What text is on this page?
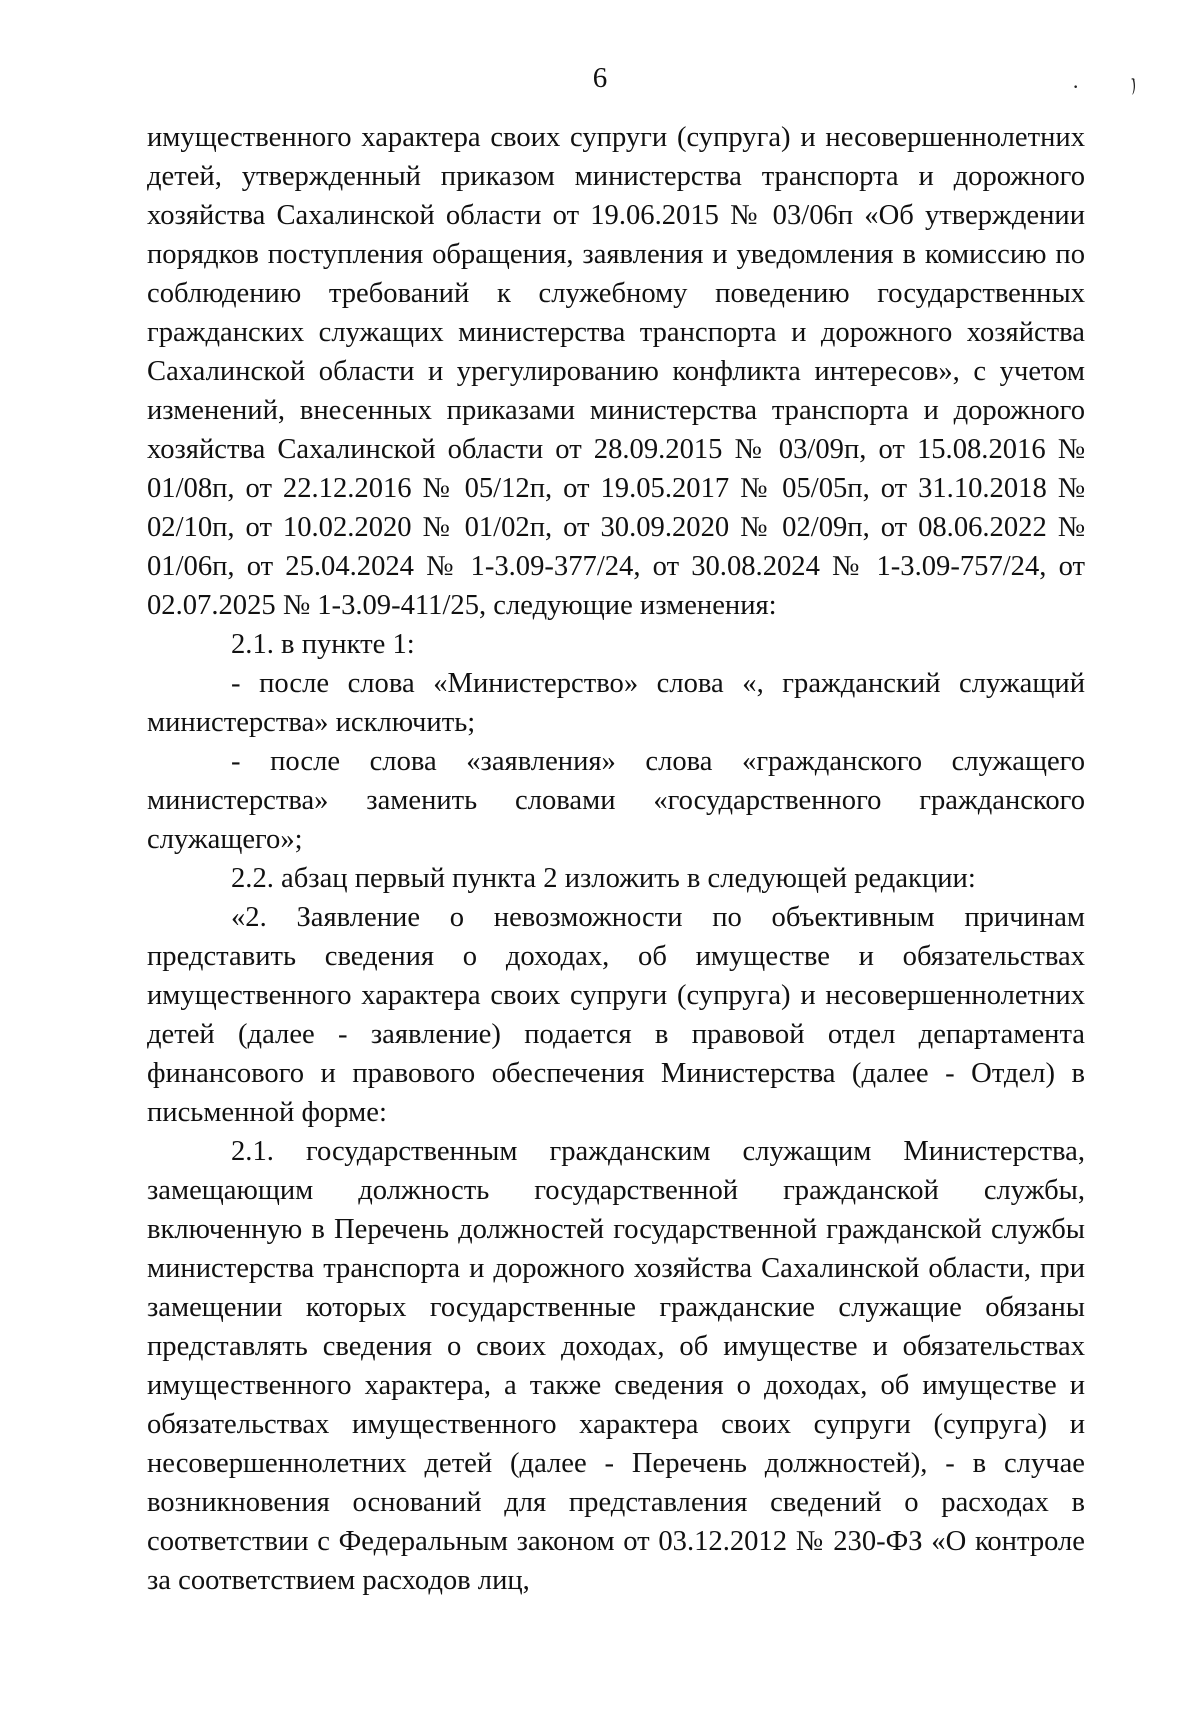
6	· ﾉ

имущественного характера своих супруги (супруга) и несовершеннолетних детей, утвержденный приказом министерства транспорта и дорожного хозяйства Сахалинской области от 19.06.2015 № 03/06п «Об утверждении порядков поступления обращения, заявления и уведомления в комиссию по соблюдению требований к служебному поведению государственных гражданских служащих министерства транспорта и дорожного хозяйства Сахалинской области и урегулированию конфликта интересов», с учетом изменений, внесенных приказами министерства транспорта и дорожного хозяйства Сахалинской области от 28.09.2015 № 03/09п, от 15.08.2016 № 01/08п, от 22.12.2016 № 05/12п, от 19.05.2017 № 05/05п, от 31.10.2018 № 02/10п, от 10.02.2020 № 01/02п, от 30.09.2020 № 02/09п, от 08.06.2022 № 01/06п, от 25.04.2024 № 1-3.09-377/24, от 30.08.2024 № 1-3.09-757/24, от 02.07.2025 № 1-3.09-411/25, следующие изменения:

2.1. в пункте 1:

- после слова «Министерство» слова «, гражданский служащий министерства» исключить;

- после слова «заявления» слова «гражданского служащего министерства» заменить словами «государственного гражданского служащего»;

2.2. абзац первый пункта 2 изложить в следующей редакции:

«2. Заявление о невозможности по объективным причинам представить сведения о доходах, об имуществе и обязательствах имущественного характера своих супруги (супруга) и несовершеннолетних детей (далее - заявление) подается в правовой отдел департамента финансового и правового обеспечения Министерства (далее - Отдел) в письменной форме:

2.1. государственным гражданским служащим Министерства, замещающим должность государственной гражданской службы, включенную в Перечень должностей государственной гражданской службы министерства транспорта и дорожного хозяйства Сахалинской области, при замещении которых государственные гражданские служащие обязаны представлять сведения о своих доходах, об имуществе и обязательствах имущественного характера, а также сведения о доходах, об имуществе и обязательствах имущественного характера своих супруги (супруга) и несовершеннолетних детей (далее - Перечень должностей), - в случае возникновения оснований для представления сведений о расходах в соответствии с Федеральным законом от 03.12.2012 № 230-ФЗ «О контроле за соответствием расходов лиц,
